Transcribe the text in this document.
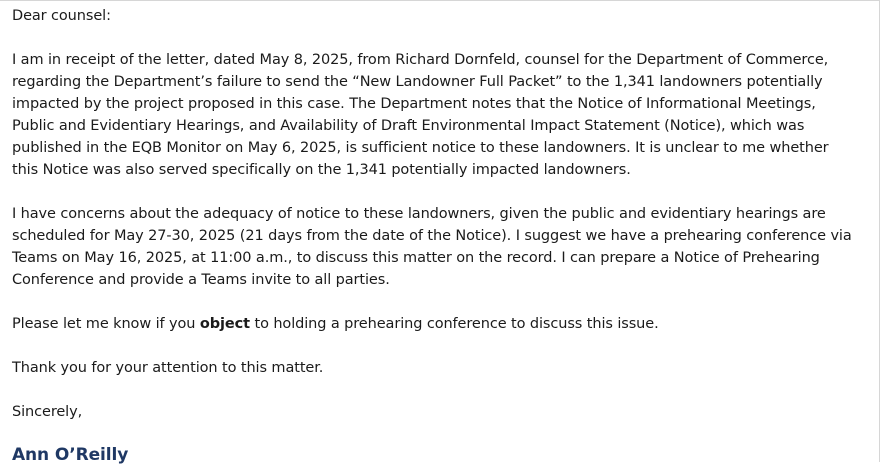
Dear counsel:

I am in receipt of the letter, dated May 8, 2025, from Richard Dornfeld, counsel for the Department of Commerce,
regarding the Department’s failure to send the “New Landowner Full Packet” to the 1,341 landowners potentially
impacted by the project proposed in this case. The Department notes that the Notice of Informational Meetings,
Public and Evidentiary Hearings, and Availability of Draft Environmental Impact Statement (Notice), which was
published in the EQB Monitor on May 6, 2025, is sufficient notice to these landowners. It is unclear to me whether
this Notice was also served specifically on the 1,341 potentially impacted landowners.

I have concerns about the adequacy of notice to these landowners, given the public and evidentiary hearings are
scheduled for May 27-30, 2025 (21 days from the date of the Notice). I suggest we have a prehearing conference via
Teams on May 16, 2025, at 11:00 a.m., to discuss this matter on the record. I can prepare a Notice of Prehearing
Conference and provide a Teams invite to all parties.

Please let me know if you object to holding a prehearing conference to discuss this issue.

Thank you for your attention to this matter.

Sincerely,

Ann O’Reilly
